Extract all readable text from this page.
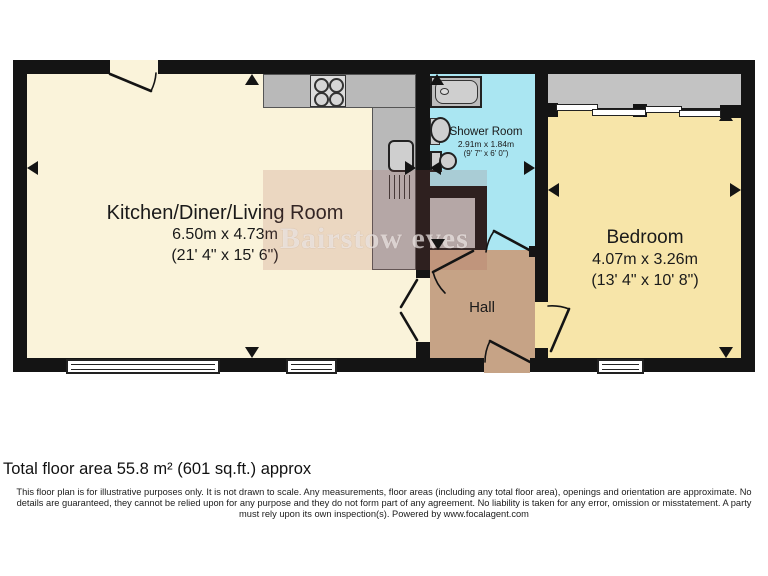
Kitchen/Diner/Living Room
6.50m x 4.73m
(21' 4" x 15' 6")
Shower Room
2.91m x 1.84m
(9' 7" x 6' 0")
Bedroom
4.07m x 3.26m
(13' 4" x 10' 8")
Hall
Bairstow eves
Total floor area 55.8 m² (601 sq.ft.) approx
This floor plan is for illustrative purposes only. It is not drawn to scale. Any measurements, floor areas (including any total floor area), openings and orientation are approximate. No
details are guaranteed, they cannot be relied upon for any purpose and they do not form part of any agreement. No liability is taken for any error, omission or misstatement. A party
must rely upon its own inspection(s). Powered by www.focalagent.com
